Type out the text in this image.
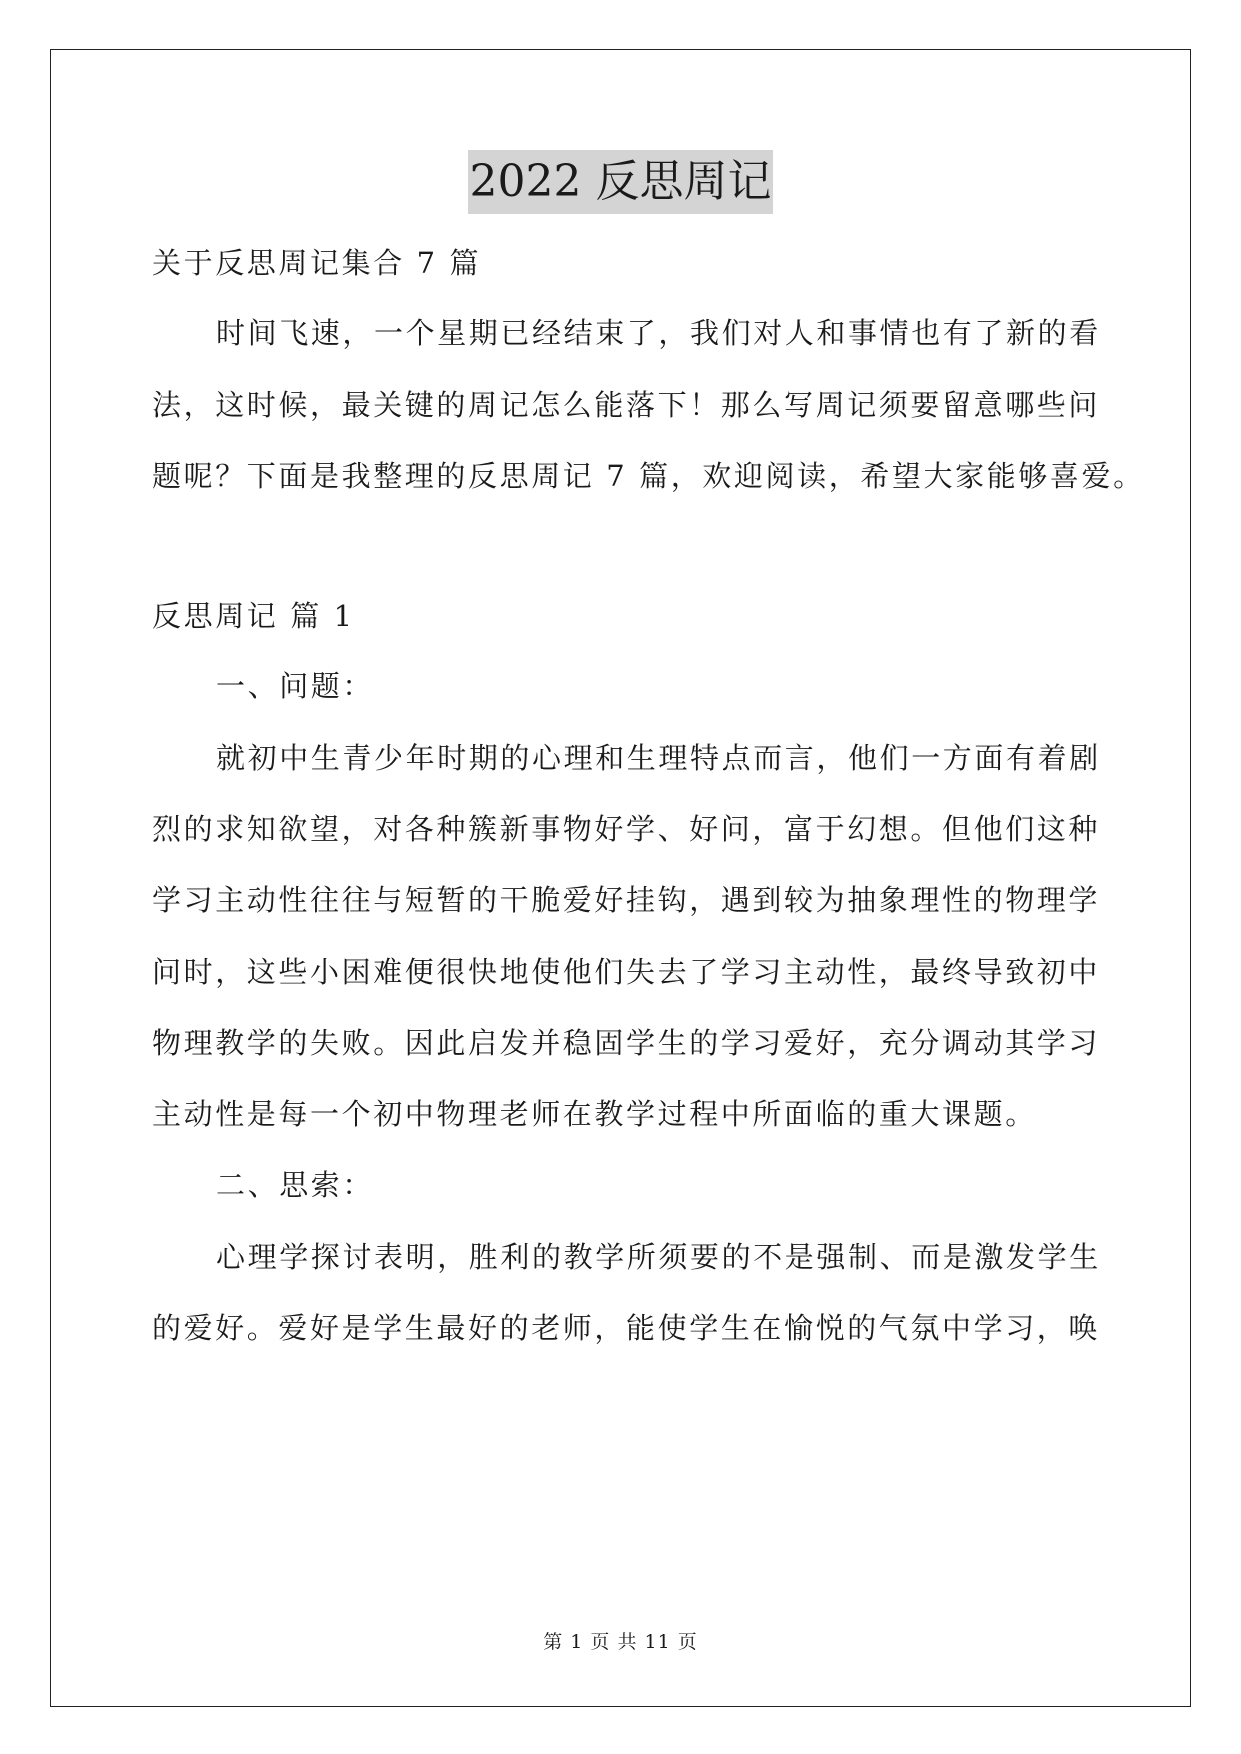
2022 反思周记
关于反思周记集合 7 篇
时间飞速，一个星期已经结束了，我们对人和事情也有了新的看
法，这时候，最关键的周记怎么能落下！那么写周记须要留意哪些问
题呢？下面是我整理的反思周记 7 篇，欢迎阅读，希望大家能够喜爱。
反思周记 篇 1
一、问题：
就初中生青少年时期的心理和生理特点而言，他们一方面有着剧
烈的求知欲望，对各种簇新事物好学、好问，富于幻想。但他们这种
学习主动性往往与短暂的干脆爱好挂钩，遇到较为抽象理性的物理学
问时，这些小困难便很快地使他们失去了学习主动性，最终导致初中
物理教学的失败。因此启发并稳固学生的学习爱好，充分调动其学习
主动性是每一个初中物理老师在教学过程中所面临的重大课题。
二、思索：
心理学探讨表明，胜利的教学所须要的不是强制、而是激发学生
的爱好。爱好是学生最好的老师，能使学生在愉悦的气氛中学习，唤
第 1 页 共 11 页
